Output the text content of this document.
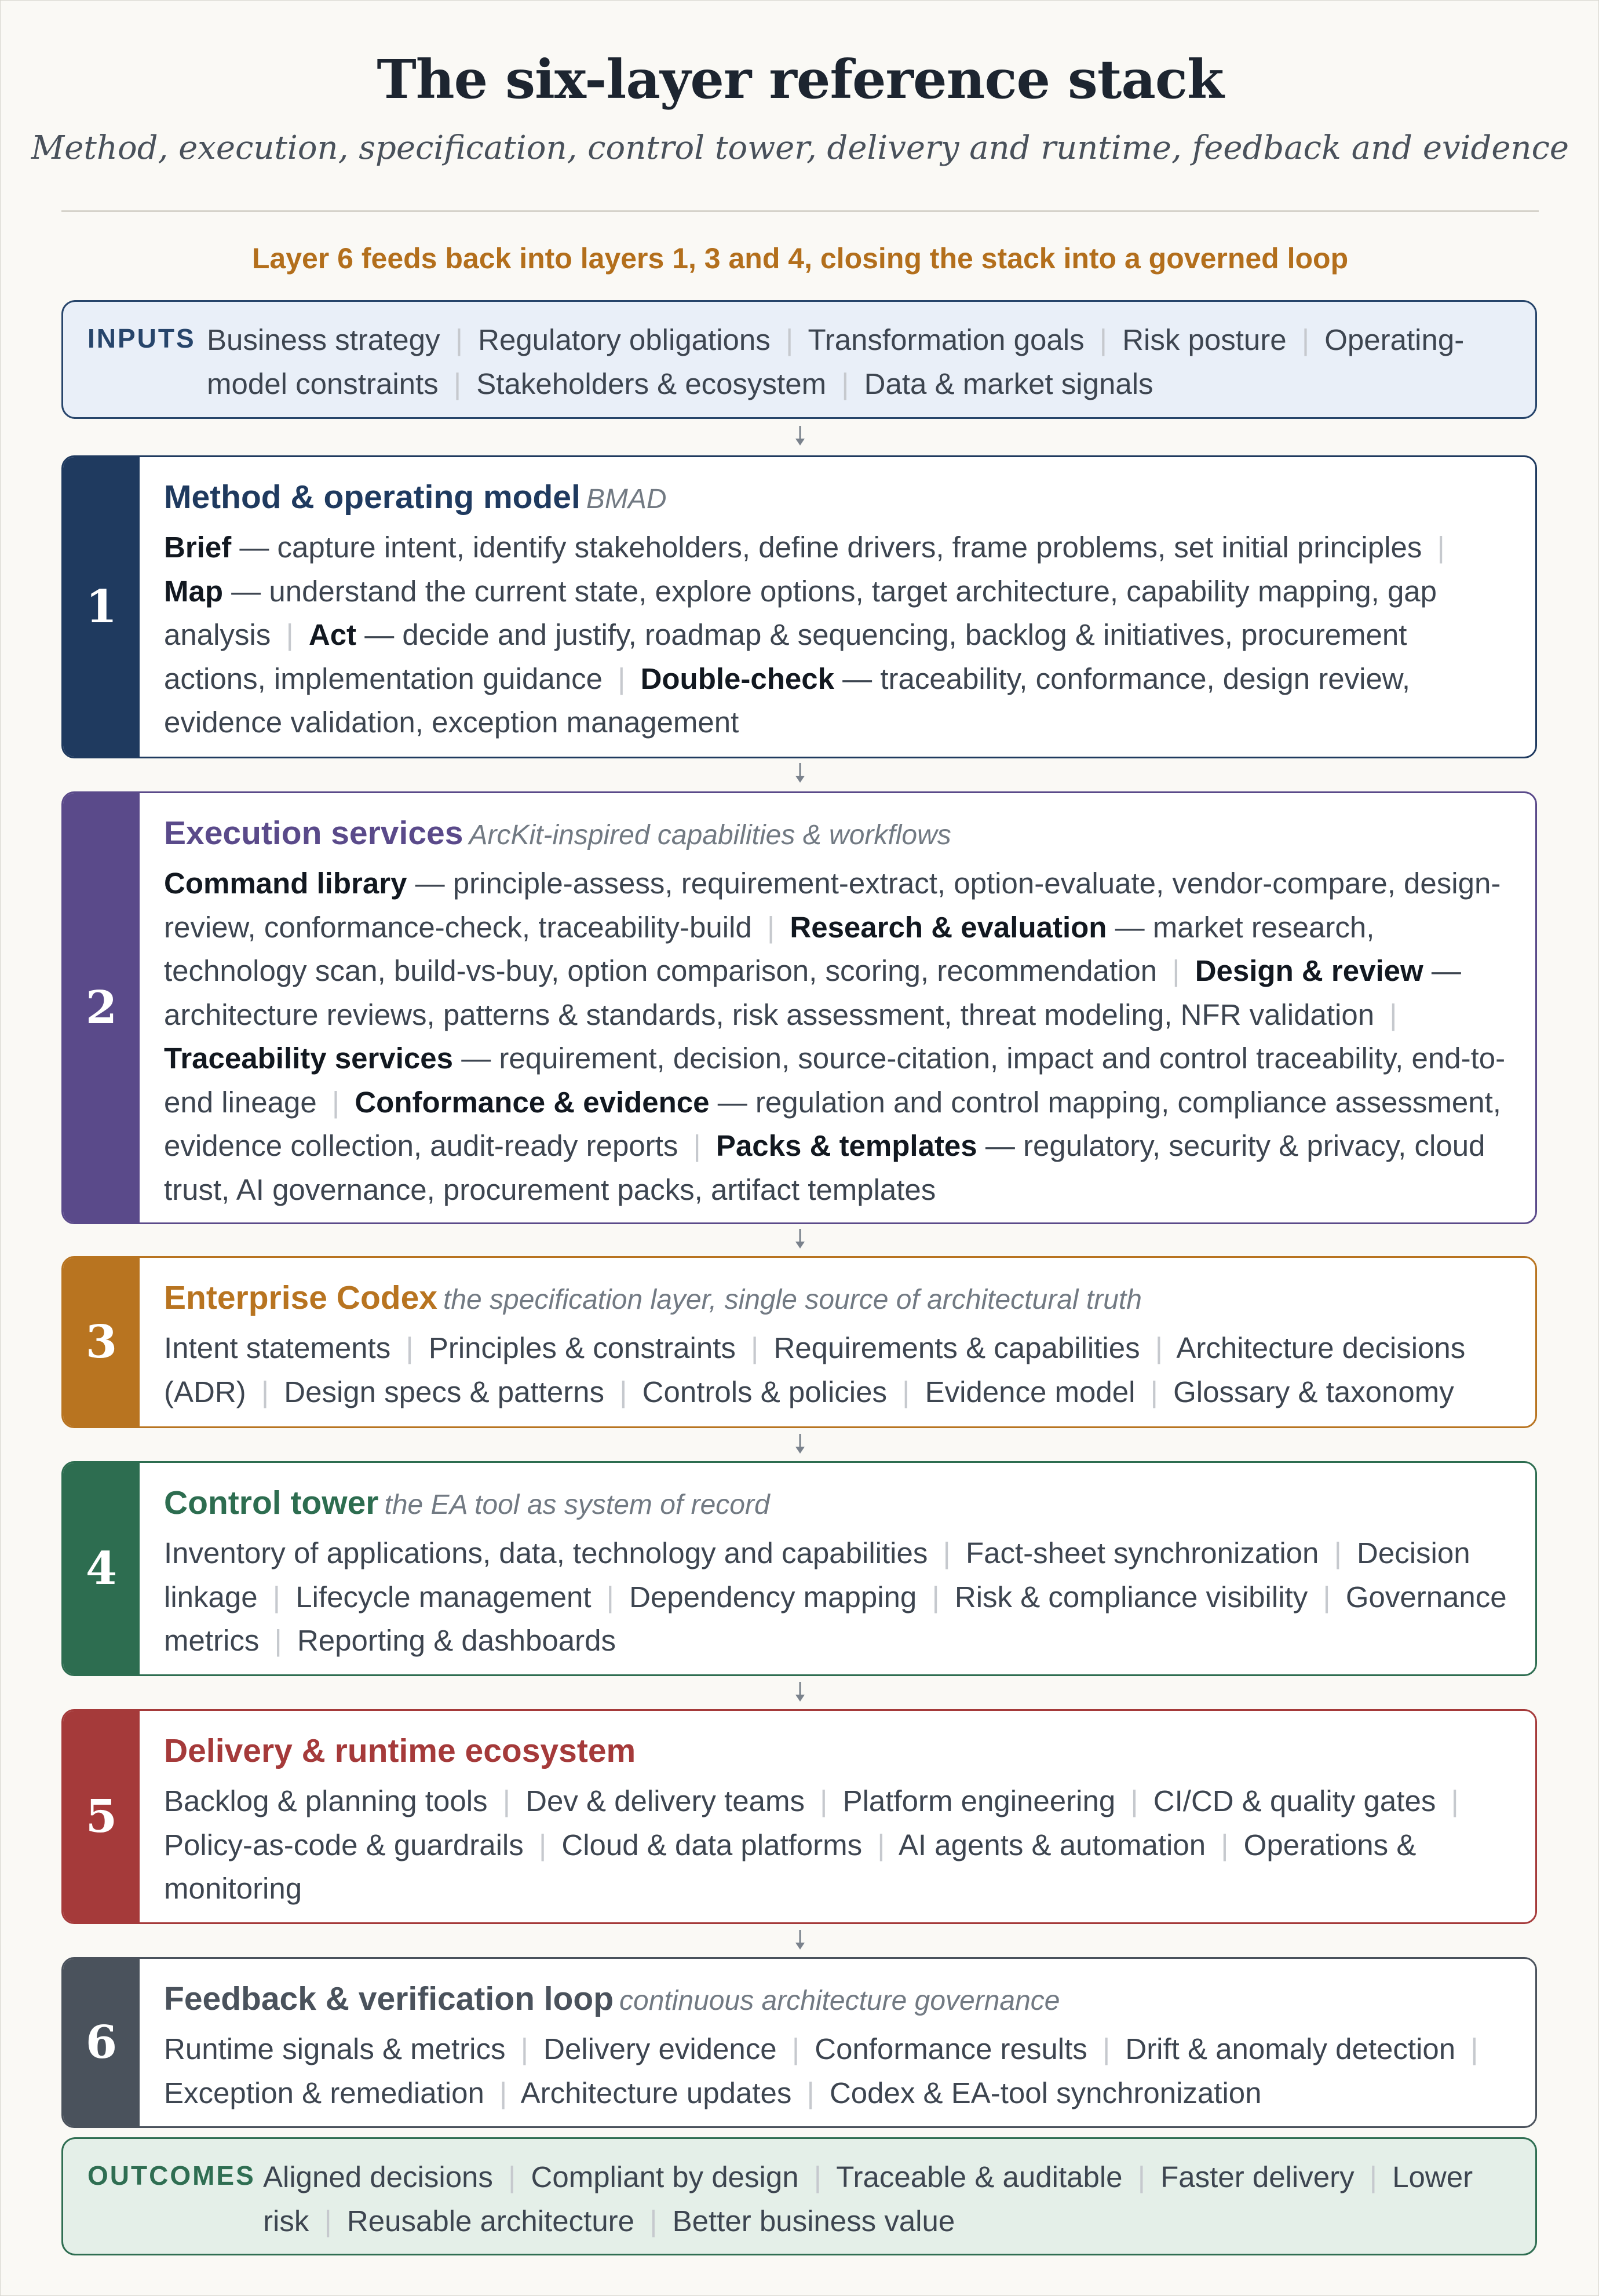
The six-layer reference stack
Method, execution, specification, control tower, delivery and runtime, feedback and evidence
Layer 6 feeds back into layers 1, 3 and 4, closing the stack into a governed loop
INPUTS Business strategy | Regulatory obligations | Transformation goals | Risk posture | Operating-model constraints | Stakeholders & ecosystem | Data & market signals
1
Method & operating model BMAD
Brief — capture intent, identify stakeholders, define drivers, frame problems, set initial principles | Map — understand the current state, explore options, target architecture, capability mapping, gap analysis | Act — decide and justify, roadmap & sequencing, backlog & initiatives, procurement actions, implementation guidance | Double-check — traceability, conformance, design review, evidence validation, exception management
2
Execution services ArcKit-inspired capabilities & workflows
Command library — principle-assess, requirement-extract, option-evaluate, vendor-compare, design-review, conformance-check, traceability-build | Research & evaluation — market research, technology scan, build-vs-buy, option comparison, scoring, recommendation | Design & review — architecture reviews, patterns & standards, risk assessment, threat modeling, NFR validation | Traceability services — requirement, decision, source-citation, impact and control traceability, end-to-end lineage | Conformance & evidence — regulation and control mapping, compliance assessment, evidence collection, audit-ready reports | Packs & templates — regulatory, security & privacy, cloud trust, AI governance, procurement packs, artifact templates
3
Enterprise Codex the specification layer, single source of architectural truth
Intent statements | Principles & constraints | Requirements & capabilities | Architecture decisions (ADR) | Design specs & patterns | Controls & policies | Evidence model | Glossary & taxonomy
4
Control tower the EA tool as system of record
Inventory of applications, data, technology and capabilities | Fact-sheet synchronization | Decision linkage | Lifecycle management | Dependency mapping | Risk & compliance visibility | Governance metrics | Reporting & dashboards
5
Delivery & runtime ecosystem
Backlog & planning tools | Dev & delivery teams | Platform engineering | CI/CD & quality gates | Policy-as-code & guardrails | Cloud & data platforms | AI agents & automation | Operations & monitoring
6
Feedback & verification loop continuous architecture governance
Runtime signals & metrics | Delivery evidence | Conformance results | Drift & anomaly detection | Exception & remediation | Architecture updates | Codex & EA-tool synchronization
OUTCOMES Aligned decisions | Compliant by design | Traceable & auditable | Faster delivery | Lower risk | Reusable architecture | Better business value
